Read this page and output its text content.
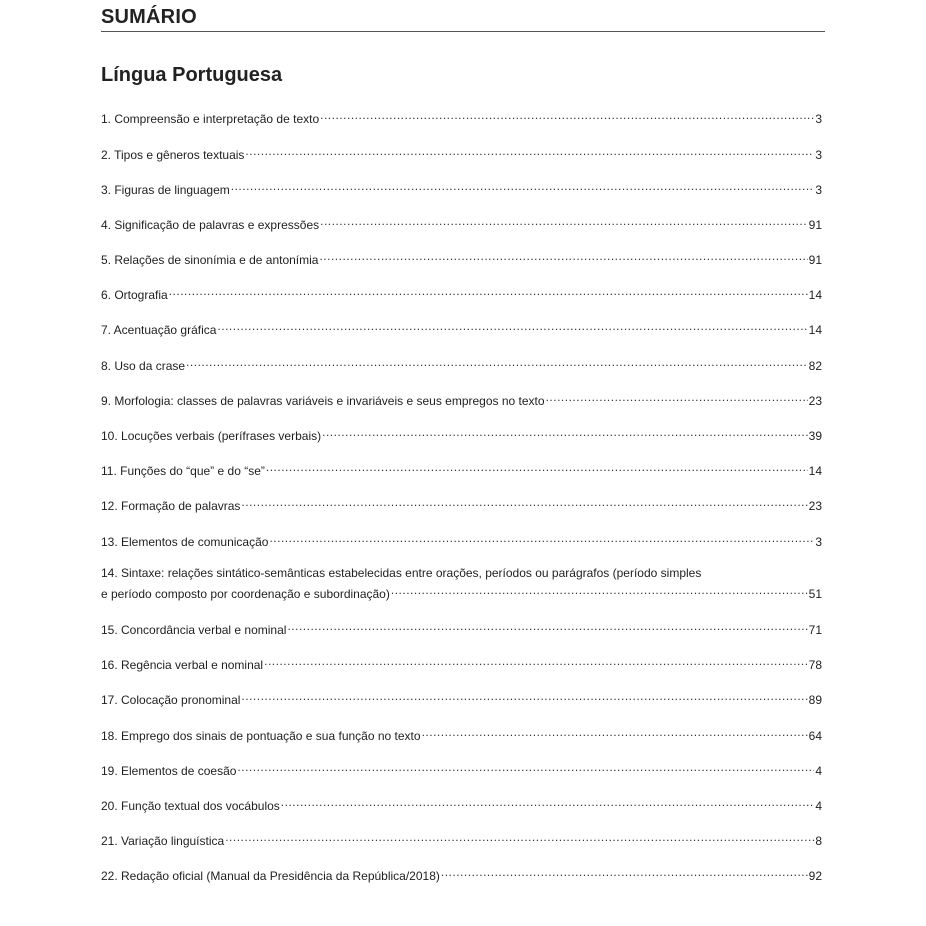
SUMÁRIO
Língua Portuguesa
1. Compreensão e interpretação de texto .....	3
2. Tipos e gêneros textuais .....	3
3. Figuras de linguagem .....	3
4. Significação de palavras e expressões .....	91
5. Relações de sinonímia e de antonímia .....	91
6. Ortografia .....	14
7. Acentuação gráfica .....	14
8. Uso da crase .....	82
9. Morfologia: classes de palavras variáveis e invariáveis e seus empregos no texto .....	23
10. Locuções verbais (perífrases verbais) .....	39
11. Funções do “que” e do “se” .....	14
12. Formação de palavras .....	23
13. Elementos de comunicação .....	3
14. Sintaxe: relações sintático-semânticas estabelecidas entre orações, períodos ou parágrafos (período simples
e período composto por coordenação e subordinação) .....	51
15. Concordância verbal e nominal .....	71
16. Regência verbal e nominal .....	78
17. Colocação pronominal .....	89
18. Emprego dos sinais de pontuação e sua função no texto .....	64
19. Elementos de coesão .....	4
20. Função textual dos vocábulos .....	4
21. Variação linguística .....	8
22. Redação oficial (Manual da Presidência da República/2018) .....	92
